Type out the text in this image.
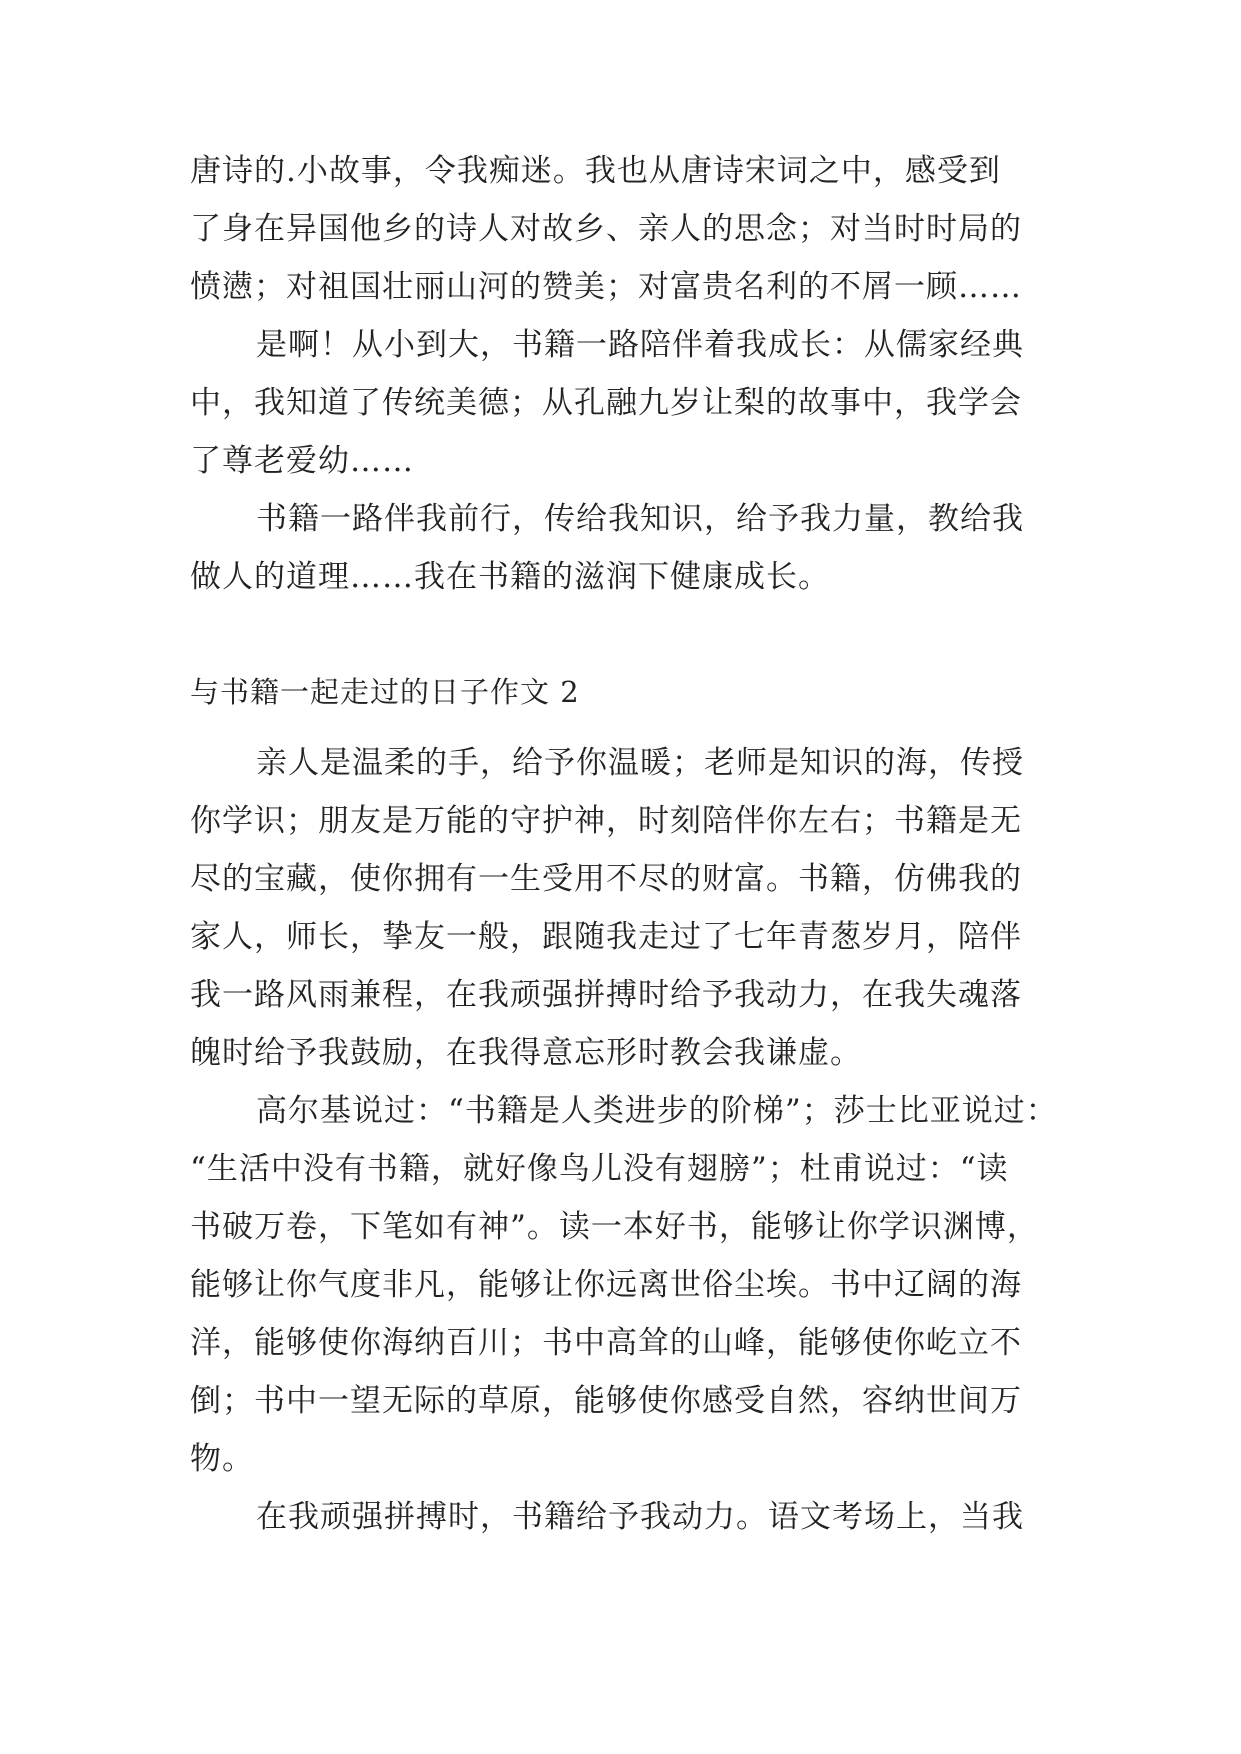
唐诗的.小故事，令我痴迷。我也从唐诗宋词之中，感受到
了身在异国他乡的诗人对故乡、亲人的思念；对当时时局的
愤懑；对祖国壮丽山河的赞美；对富贵名利的不屑一顾……
是啊！从小到大，书籍一路陪伴着我成长：从儒家经典
中，我知道了传统美德；从孔融九岁让梨的故事中，我学会
了尊老爱幼……
书籍一路伴我前行，传给我知识，给予我力量，教给我
做人的道理……我在书籍的滋润下健康成长。
与书籍一起走过的日子作文 2
亲人是温柔的手，给予你温暖；老师是知识的海，传授
你学识；朋友是万能的守护神，时刻陪伴你左右；书籍是无
尽的宝藏，使你拥有一生受用不尽的财富。书籍，仿佛我的
家人，师长，挚友一般，跟随我走过了七年青葱岁月，陪伴
我一路风雨兼程，在我顽强拼搏时给予我动力，在我失魂落
魄时给予我鼓励，在我得意忘形时教会我谦虚。
高尔基说过：“书籍是人类进步的阶梯”；莎士比亚说过：
“生活中没有书籍，就好像鸟儿没有翅膀”；杜甫说过：“读
书破万卷，下笔如有神”。读一本好书，能够让你学识渊博，
能够让你气度非凡，能够让你远离世俗尘埃。书中辽阔的海
洋，能够使你海纳百川；书中高耸的山峰，能够使你屹立不
倒；书中一望无际的草原，能够使你感受自然，容纳世间万
物。
在我顽强拼搏时，书籍给予我动力。语文考场上，当我
